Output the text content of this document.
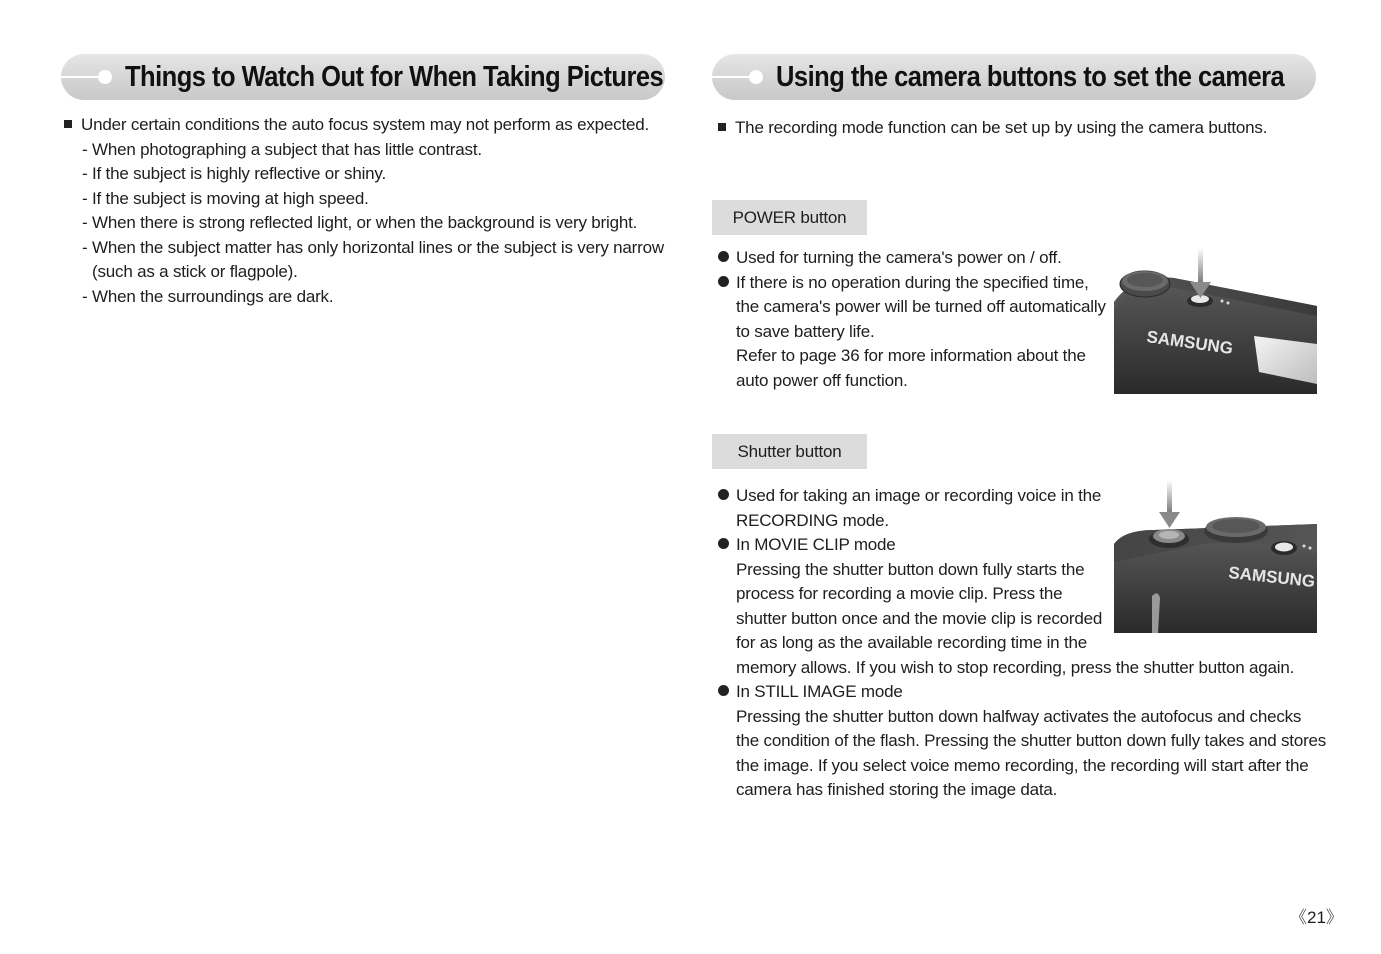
Things to Watch Out for When Taking Pictures	Using the camera buttons to set the camera
Under certain conditions the auto focus system may not perform as expected.
- When photographing a subject that has little contrast.
- If the subject is highly reflective or shiny.
- If the subject is moving at high speed.
- When there is strong reflected light, or when the background is very bright.
- When the subject matter has only horizontal lines or the subject is very narrow
(such as a stick or flagpole).
- When the surroundings are dark.
The recording mode function can be set up by using the camera buttons.
POWER button
Used for turning the camera's power on / off.
If there is no operation during the specified time,
the camera's power will be turned off automatically
to save battery life.
Refer to page 36 for more information about the
auto power off function.
SAMSUNG
Shutter button
Used for taking an image or recording voice in the
RECORDING mode.
In MOVIE CLIP mode
Pressing the shutter button down fully starts the
process for recording a movie clip. Press the
shutter button once and the movie clip is recorded
for as long as the available recording time in the
memory allows. If you wish to stop recording, press the shutter button again.
In STILL IMAGE mode
Pressing the shutter button down halfway activates the autofocus and checks
the condition of the flash. Pressing the shutter button down fully takes and stores
the image. If you select voice memo recording, the recording will start after the
camera has finished storing the image data.
SAMSUNG
《21》
